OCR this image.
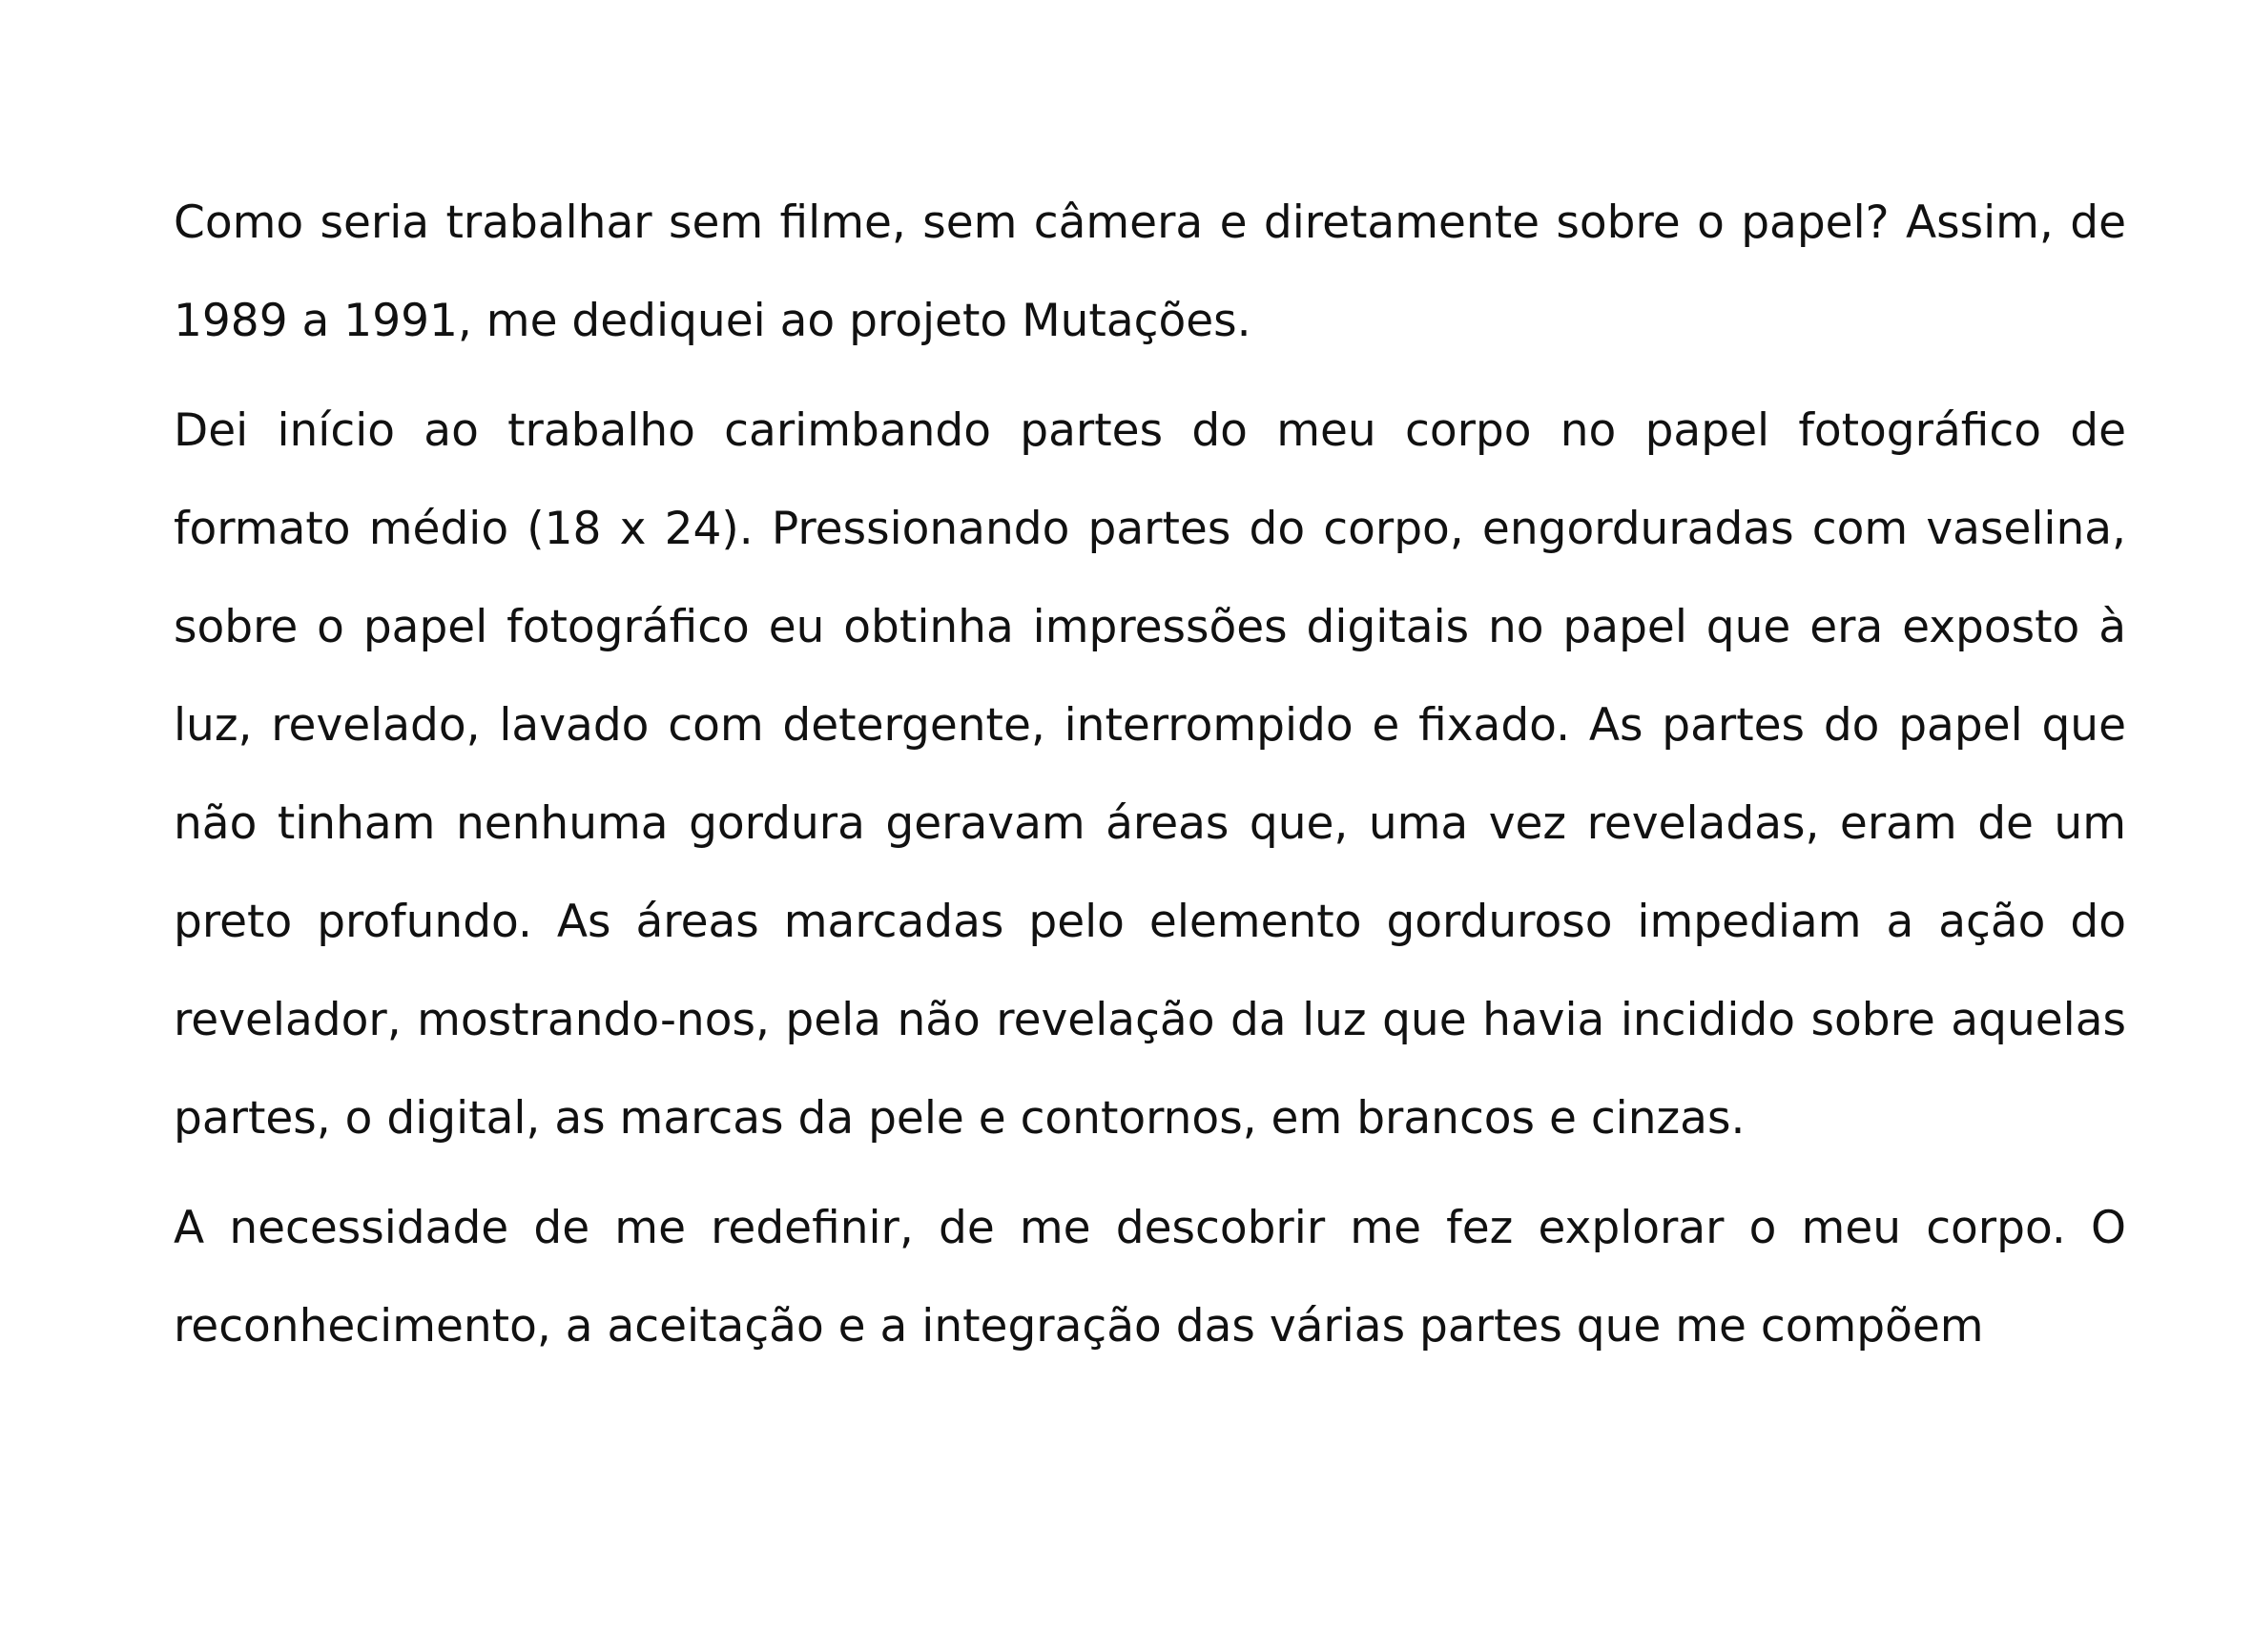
Como seria trabalhar sem filme, sem câmera e diretamente sobre o papel? Assim, de 1989 a 1991, me dediquei ao projeto Mutações.

Dei início ao trabalho carimbando partes do meu corpo no papel fotográfico de formato médio (18 x 24). Pressionando partes do corpo, engorduradas com vaselina, sobre o papel fotográfico eu obtinha impressões digitais no papel que era exposto à luz, revelado, lavado com detergente, interrompido e fixado. As partes do papel que não tinham nenhuma gordura geravam áreas que, uma vez reveladas, eram de um preto profundo. As áreas marcadas pelo elemento gorduroso impediam a ação do revelador, mostrando-nos, pela não revelação da luz que havia incidido sobre aquelas partes, o digital, as marcas da pele e contornos, em brancos e cinzas.

A necessidade de me redefinir, de me descobrir me fez explorar o meu corpo. O reconhecimento, a aceitação e a integração das várias partes que me compõem
